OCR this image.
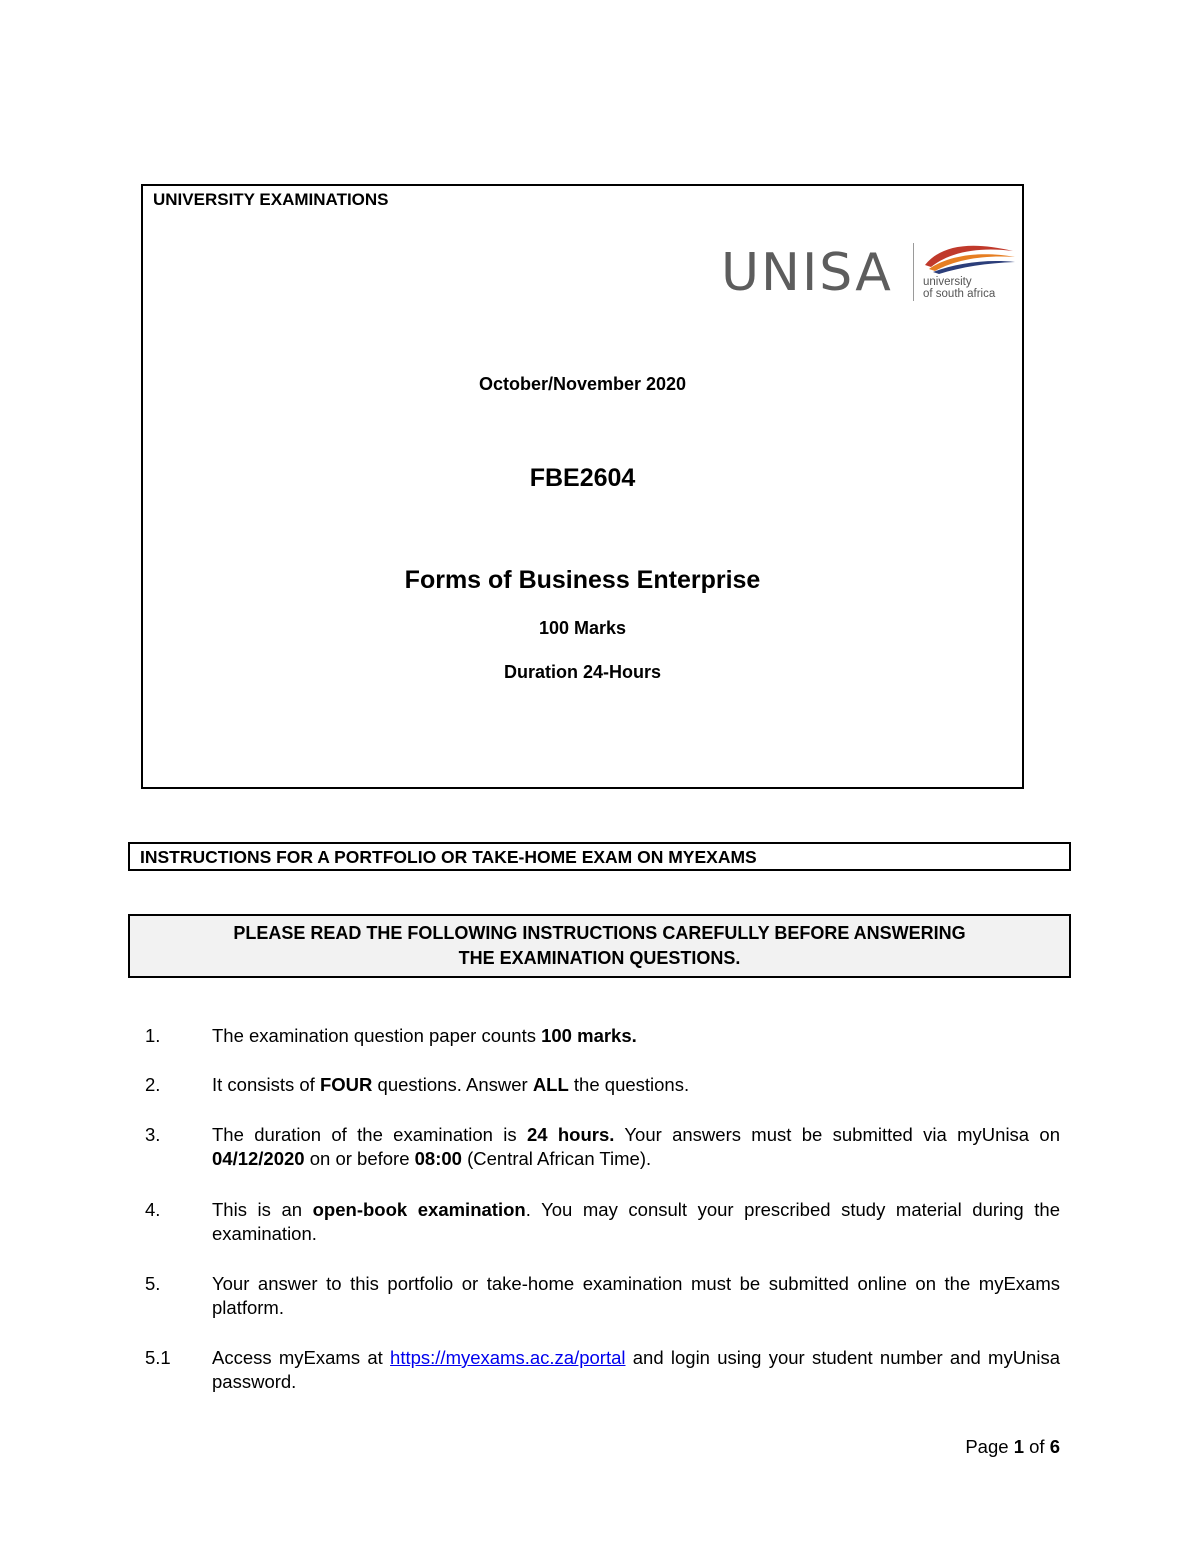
UNIVERSITY EXAMINATIONS
UNISA	university
of south africa
October/November 2020
FBE2604
Forms of Business Enterprise
100 Marks
Duration 24-Hours
INSTRUCTIONS FOR A PORTFOLIO OR TAKE-HOME EXAM ON MYEXAMS
PLEASE READ THE FOLLOWING INSTRUCTIONS CAREFULLY BEFORE ANSWERING
THE EXAMINATION QUESTIONS.
1.	The examination question paper counts 100 marks.
2.	It consists of FOUR questions. Answer ALL the questions.
3.	The duration of the examination is 24 hours. Your answers must be submitted via myUnisa on 04/12/2020 on or before 08:00 (Central African Time).
4.	This is an open-book examination. You may consult your prescribed study material during the examination.
5.	Your answer to this portfolio or take-home examination must be submitted online on the myExams platform.
5.1 Access myExams at https://myexams.ac.za/portal and login using your student number and myUnisa password.
Page 1 of 6
